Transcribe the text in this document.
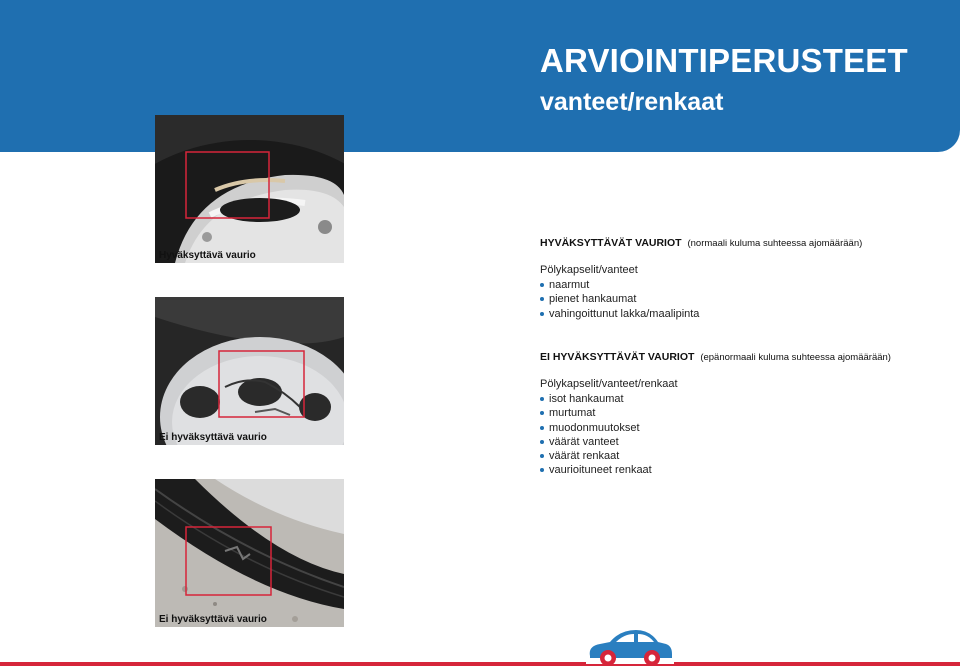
ARVIOINTIPERUSTEET
vanteet/renkaat
Hyväksyttävä vaurio
Ei hyväksyttävä vaurio
Ei hyväksyttävä vaurio
HYVÄKSYTTÄVÄT VAURIOT (normaali kuluma suhteessa ajomäärään)
Pölykapselit/vanteet
naarmut
pienet hankaumat
vahingoittunut lakka/maalipinta
EI HYVÄKSYTTÄVÄT VAURIOT (epänormaali kuluma suhteessa ajomäärään)
Pölykapselit/vanteet/renkaat
isot hankaumat
murtumat
muodonmuutokset
väärät vanteet
väärät renkaat
vaurioituneet renkaat
